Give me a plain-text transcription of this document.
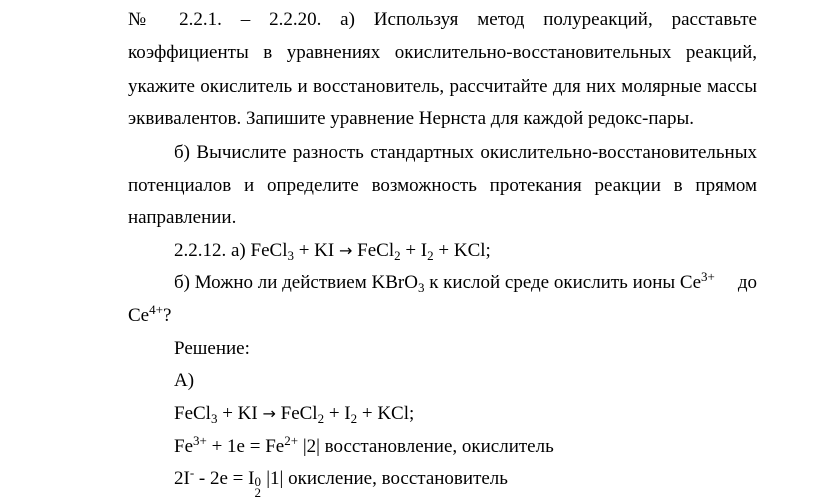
№ 2.2.1. – 2.2.20. а) Используя метод полуреакций, расставьте
коэффициенты в уравнениях окислительно-восстановительных реакций,
укажите окислитель и восстановитель, рассчитайте для них молярные массы
эквивалентов. Запишите уравнение Нернста для каждой редокс-пары.
б) Вычислите разность стандартных окислительно-восстановительных
потенциалов и определите возможность протекания реакции в прямом
направлении.
2.2.12. а) FeCl$_3$ + KI → FeCl$_2$ + $I_2$ + KCl;
б) Можно ли действием KBrO$_3$ к кислой среде окислить ионы $Ce^{3+}$ до
$Ce^{4+}$?
Решение:
А)
FeCl$_3$ + KI → FeCl$_2$ + $I_2$ + KCl;
$Fe^{3+} + 1e = Fe^{2+}$ |2| восстановление, окислитель
2I- - 2e = I
2
0 |1| окисление, восстановитель
